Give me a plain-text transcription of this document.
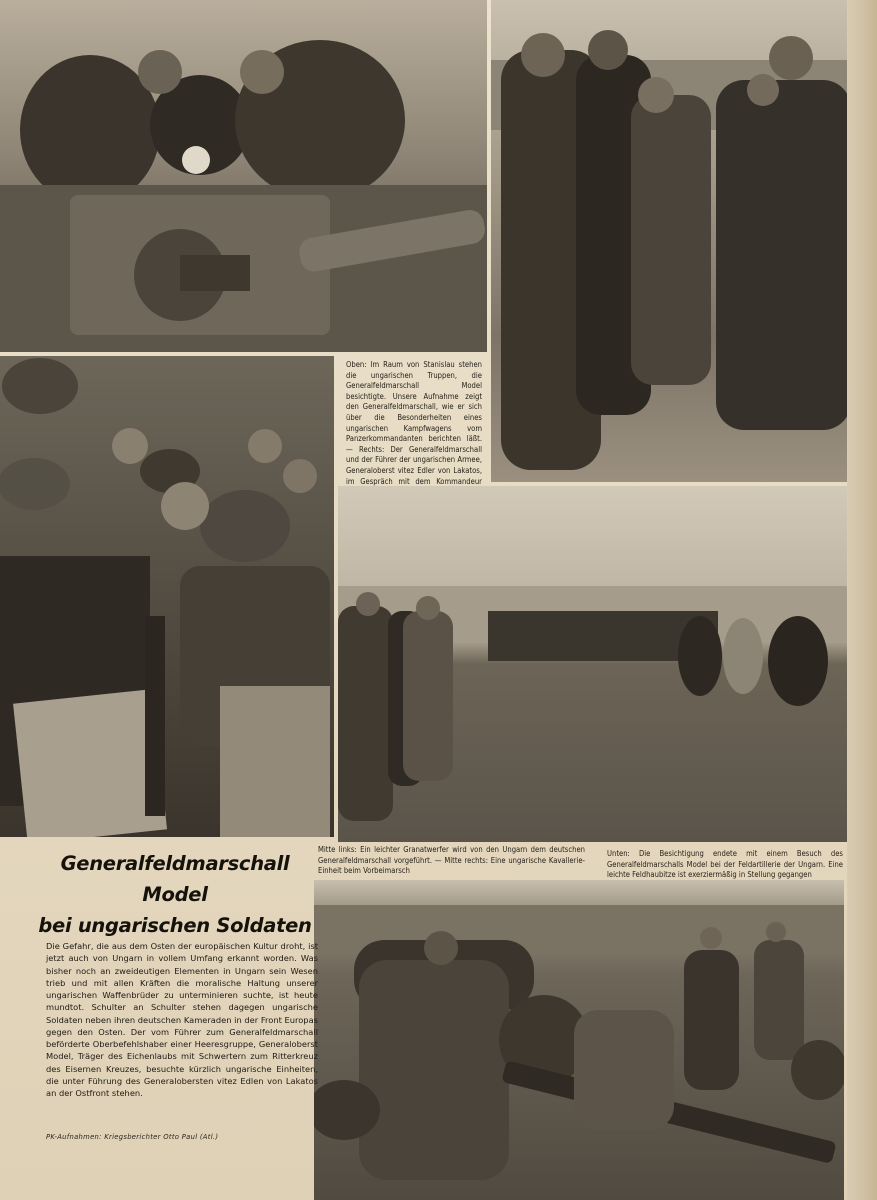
Oben: Im Raum von Stanislau stehen die ungarischen Truppen, die Generalfeldmarschall Model besichtigte. Unsere Aufnahme zeigt den Generalfeldmarschall, wie er sich über die Besonderheiten eines ungarischen Kampfwagens vom Panzerkommandanten berichten läßt. — Rechts: Der Generalfeldmarschall und der Führer der ungarischen Armee, Generaloberst vitez Edler von Lakatos, im Gespräch mit dem Kommandeur
Mitte links: Ein leichter Granatwerfer wird von den Ungarn dem deutschen Generalfeldmarschall vorgeführt. — Mitte rechts: Eine ungarische Kavallerie-Einheit beim Vorbeimarsch
Unten: Die Besichtigung endete mit einem Besuch des Generalfeldmarschalls Model bei der Feldartillerie der Ungarn. Eine leichte Feldhaubitze ist exerziermäßig in Stellung gegangen
Generalfeldmarschall
Model
bei ungarischen Soldaten
Die Gefahr, die aus dem Osten der europäischen Kultur droht, ist jetzt auch von Ungarn in vollem Umfang erkannt worden. Was bisher noch an zweideutigen Elementen in Ungarn sein Wesen trieb und mit allen Kräften die moralische Haltung unserer ungarischen Waffenbrüder zu unterminieren suchte, ist heute mundtot. Schulter an Schulter stehen dagegen ungarische Soldaten neben ihren deutschen Kameraden in der Front Europas gegen den Osten. Der vom Führer zum Generalfeldmarschall beförderte Oberbefehlshaber einer Heeresgruppe, Generaloberst Model, Träger des Eichenlaubs mit Schwertern zum Ritterkreuz des Eisernen Kreuzes, besuchte kürzlich ungarische Einheiten, die unter Führung des Generalobersten vitez Edlen von Lakatos an der Ostfront stehen.
PK-Aufnahmen: Kriegsberichter Otto Paul (Atl.)
